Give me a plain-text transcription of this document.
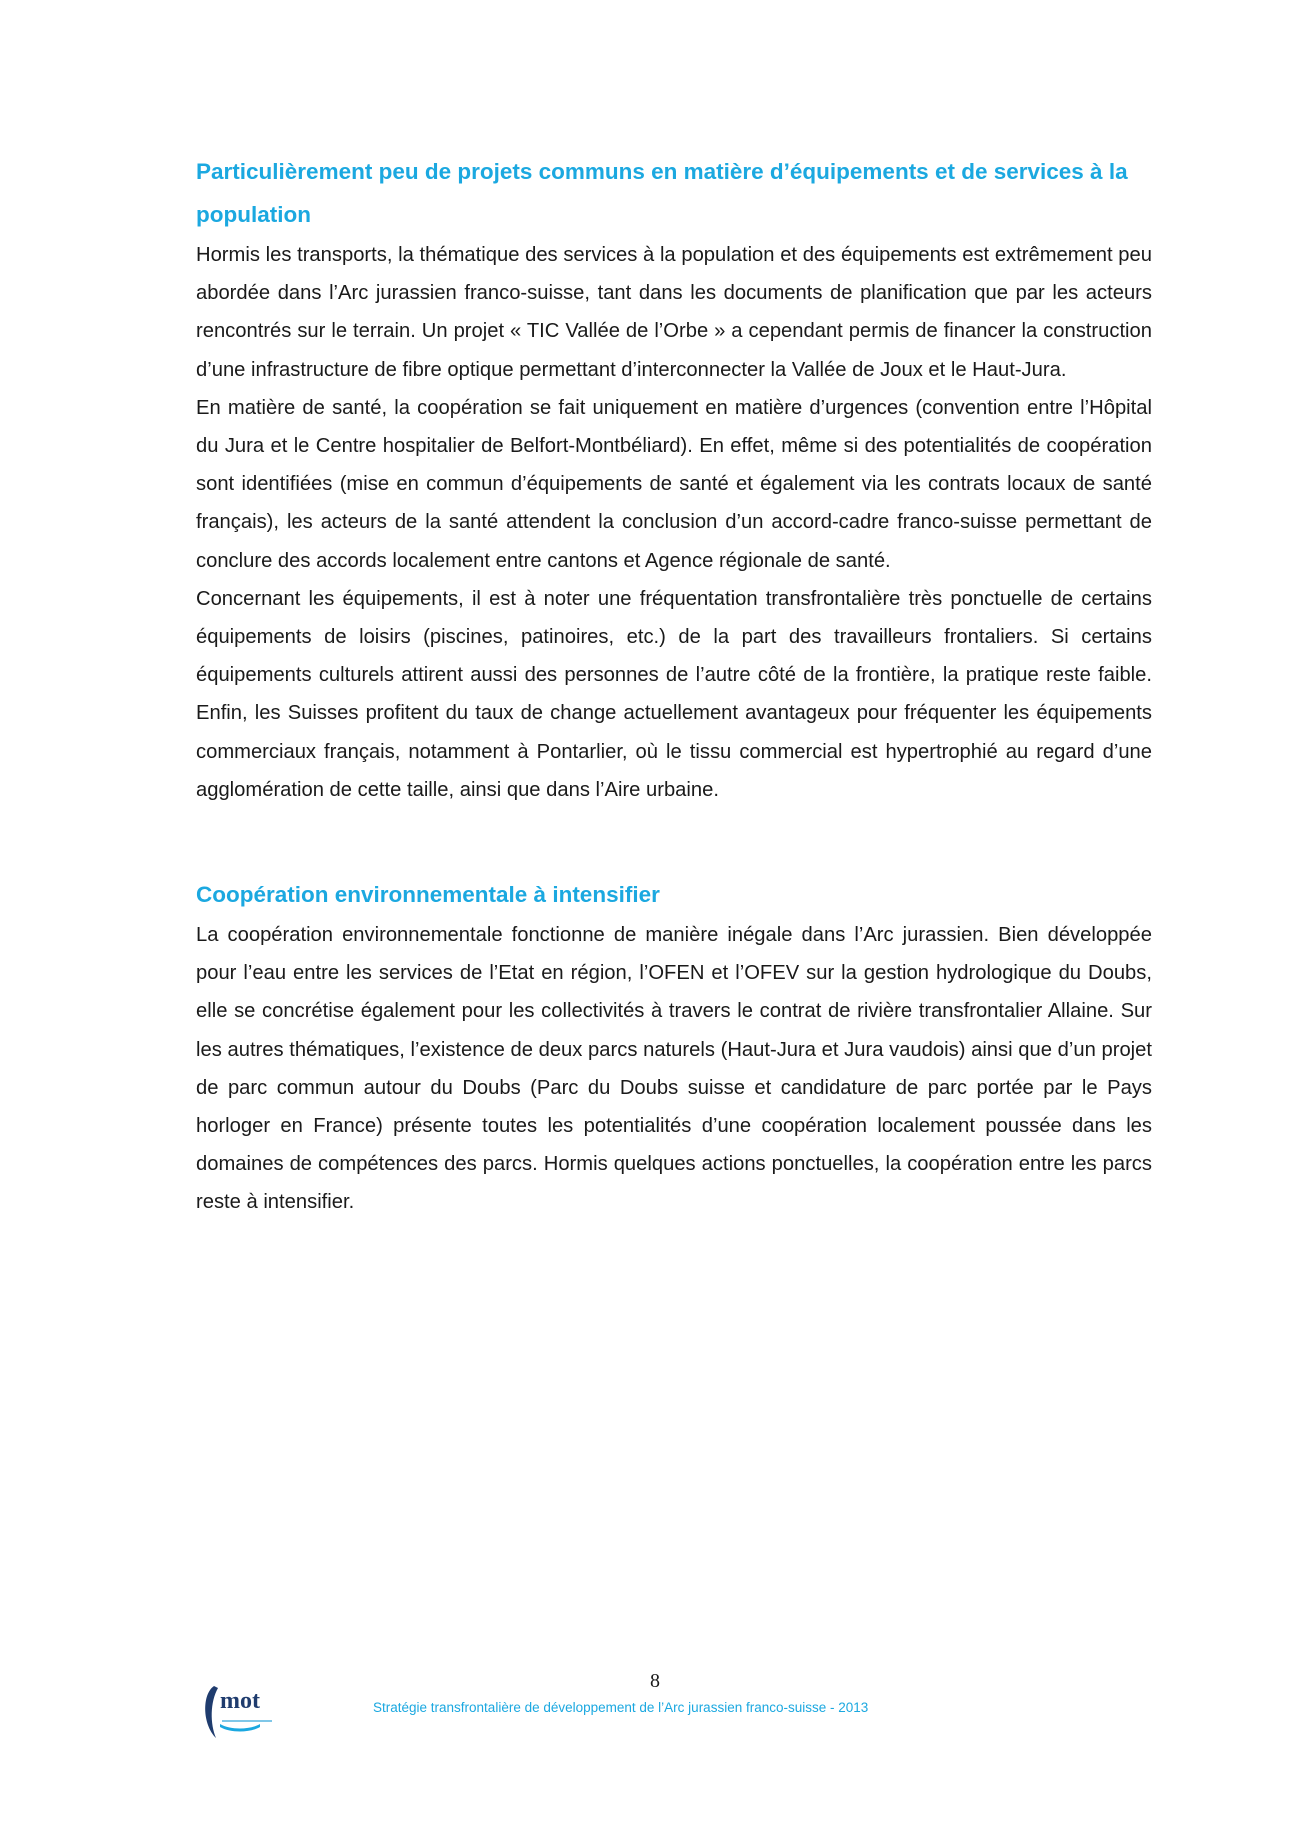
Particulièrement peu de projets communs en matière d’équipements et de services à la population

Hormis les transports, la thématique des services à la population et des équipements est extrêmement peu abordée dans l’Arc jurassien franco-suisse, tant dans les documents de planification que par les acteurs rencontrés sur le terrain. Un projet « TIC Vallée de l’Orbe » a cependant permis de financer la construction d’une infrastructure de fibre optique permettant d’interconnecter la Vallée de Joux et le Haut-Jura.

En matière de santé, la coopération se fait uniquement en matière d’urgences (convention entre l’Hôpital du Jura et le Centre hospitalier de Belfort-Montbéliard). En effet, même si des potentialités de coopération sont identifiées (mise en commun d’équipements de santé et également via les contrats locaux de santé français), les acteurs de la santé attendent la conclusion d’un accord-cadre franco-suisse permettant de conclure des accords localement entre cantons et Agence régionale de santé.

Concernant les équipements, il est à noter une fréquentation transfrontalière très ponctuelle de certains équipements de loisirs (piscines, patinoires, etc.) de la part des travailleurs frontaliers. Si certains équipements culturels attirent aussi des personnes de l’autre côté de la frontière, la pratique reste faible. Enfin, les Suisses profitent du taux de change actuellement avantageux pour fréquenter les équipements commerciaux français, notamment à Pontarlier, où le tissu commercial est hypertrophié au regard d’une agglomération de cette taille, ainsi que dans l’Aire urbaine.

Coopération environnementale à intensifier

La coopération environnementale fonctionne de manière inégale dans l’Arc jurassien. Bien développée pour l’eau entre les services de l’Etat en région, l’OFEN et l’OFEV sur la gestion hydrologique du Doubs, elle se concrétise également pour les collectivités à travers le contrat de rivière transfrontalier Allaine. Sur les autres thématiques, l’existence de deux parcs naturels (Haut-Jura et Jura vaudois) ainsi que d’un projet de parc commun autour du Doubs (Parc du Doubs suisse et candidature de parc portée par le Pays horloger en France) présente toutes les potentialités d’une coopération localement poussée dans les domaines de compétences des parcs. Hormis quelques actions ponctuelles, la coopération entre les parcs reste à intensifier.

mot
8
Stratégie transfrontalière de développement de l’Arc jurassien franco-suisse - 2013
